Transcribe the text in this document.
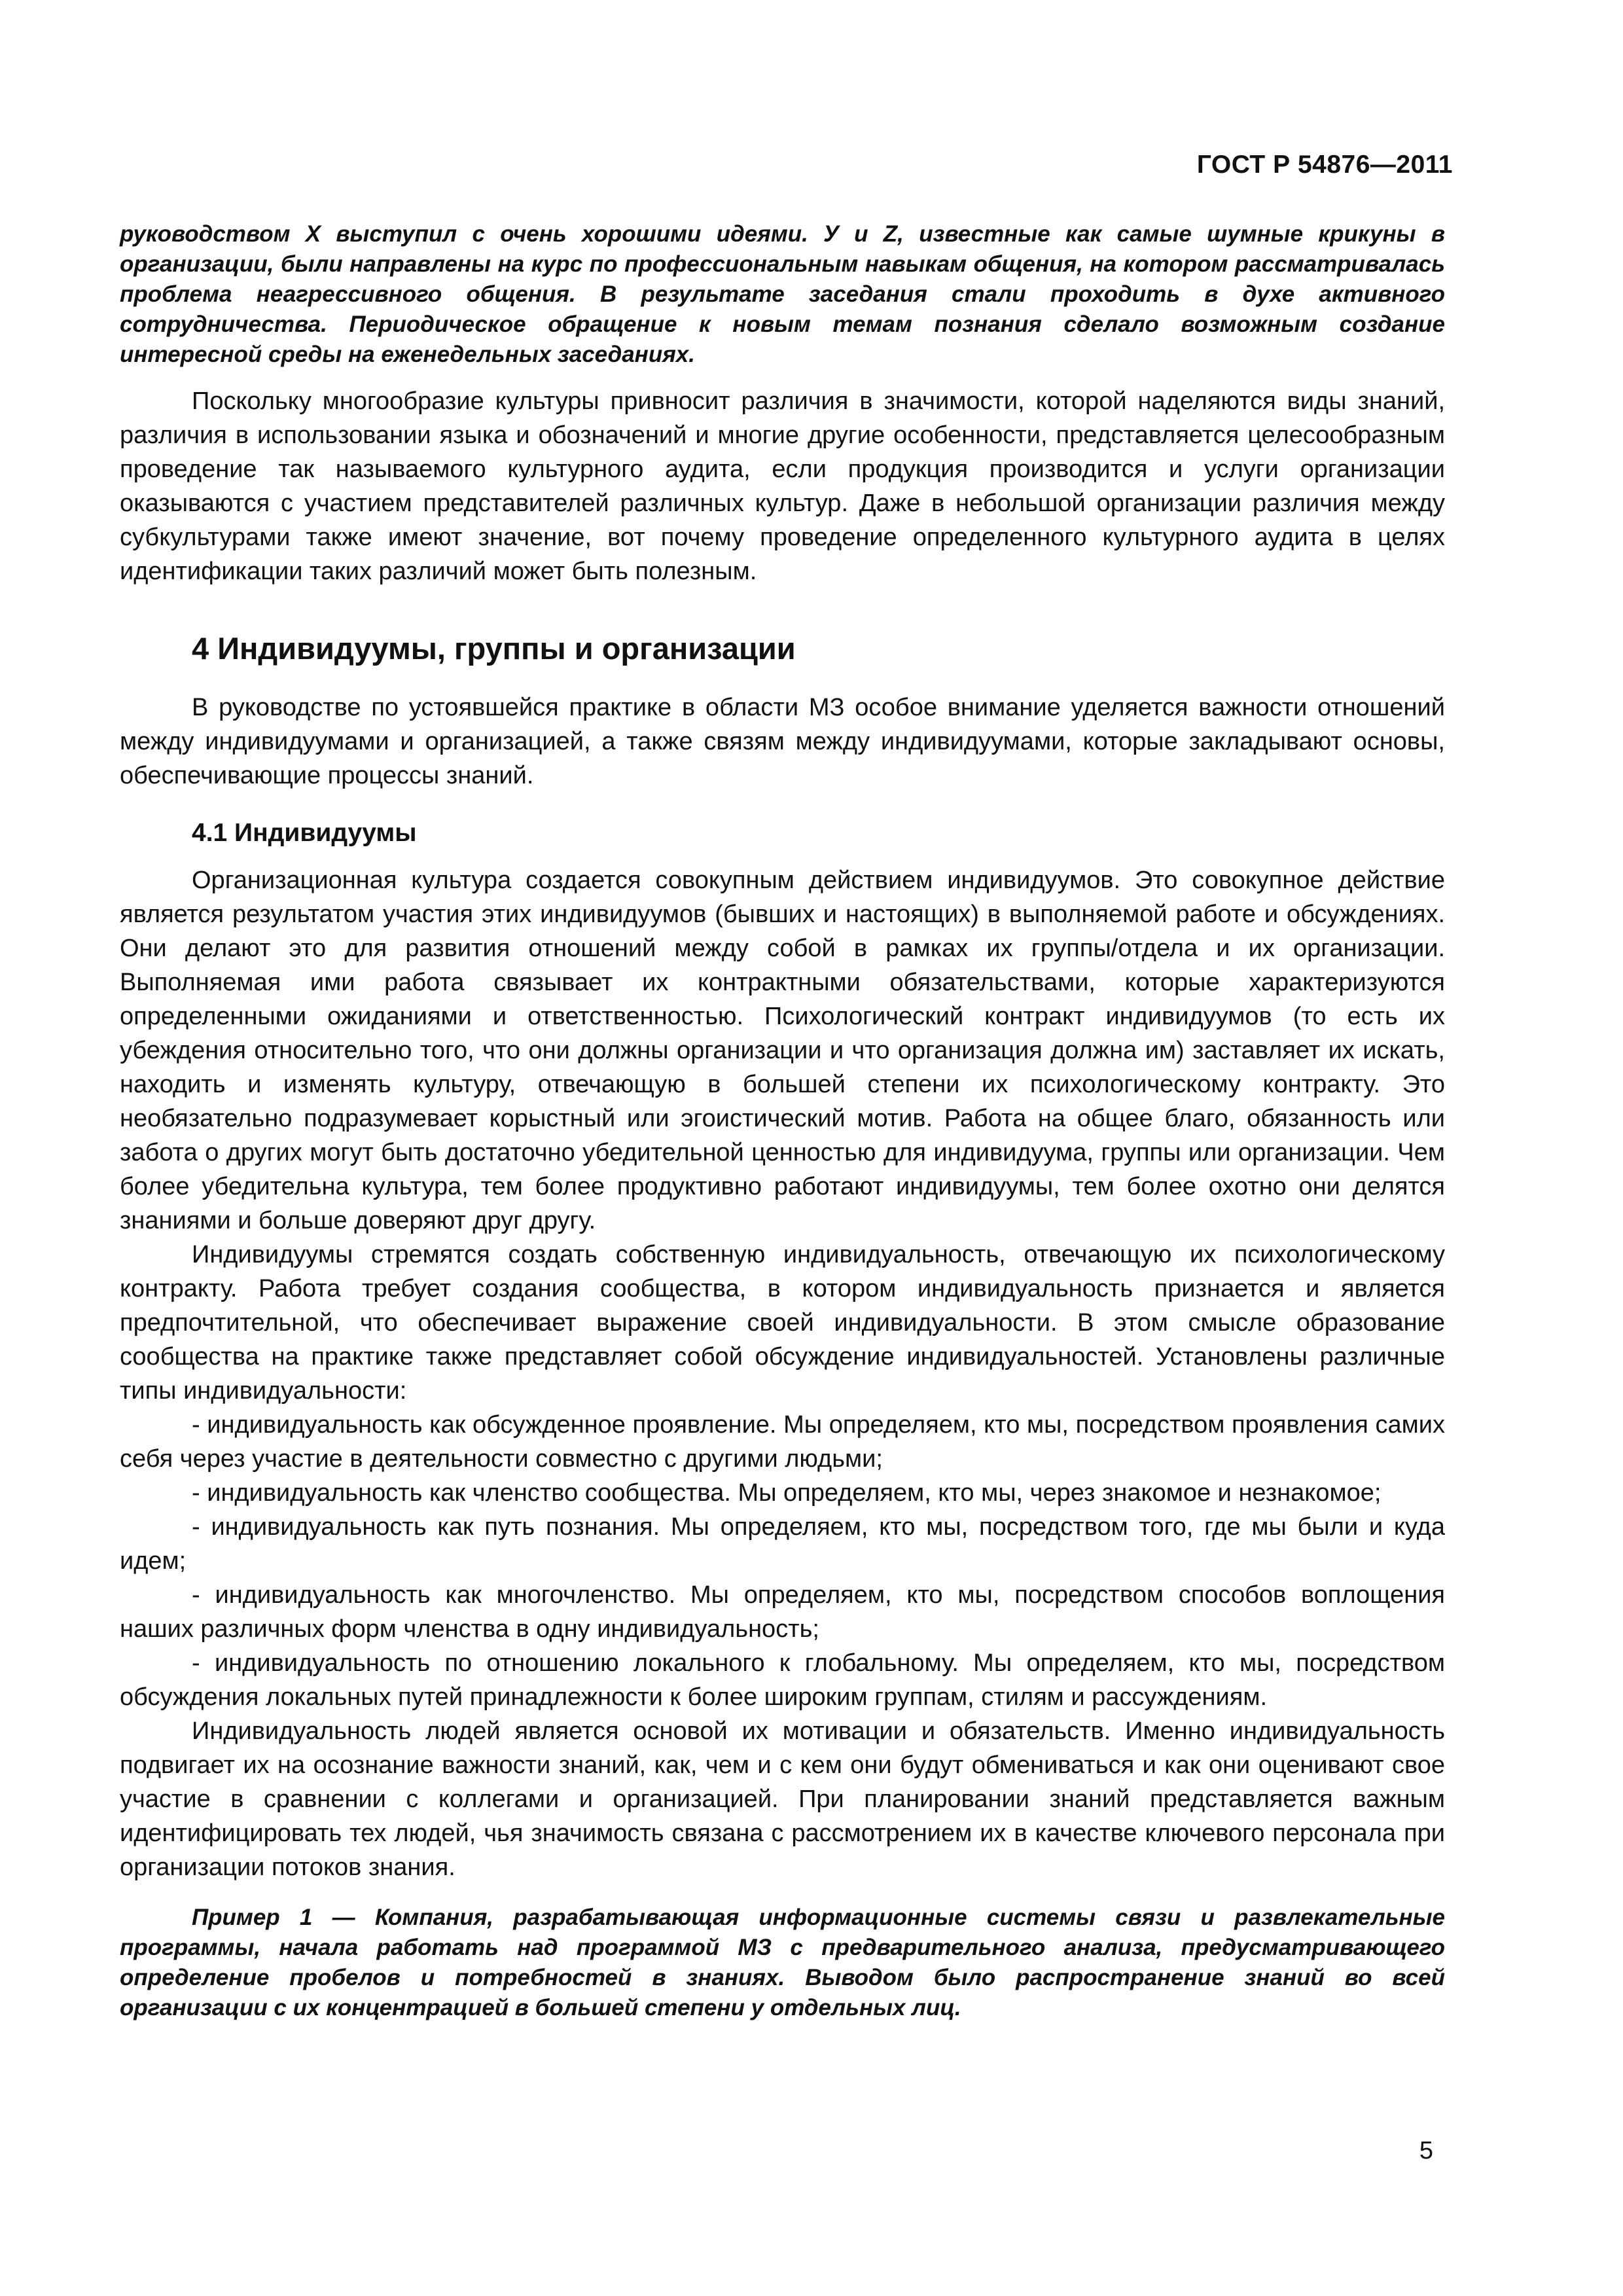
ГОСТ Р 54876—2011

руководством X выступил с очень хорошими идеями. У и Z, известные как самые шумные крикуны в организации, были направлены на курс по профессиональным навыкам общения, на котором рассматривалась проблема неагрессивного общения. В результате заседания стали проходить в духе активного сотрудничества. Периодическое обращение к новым темам познания сделало возможным создание интересной среды на еженедельных заседаниях.

Поскольку многообразие культуры привносит различия в значимости, которой наделяются виды знаний, различия в использовании языка и обозначений и многие другие особенности, представляется целесообразным проведение так называемого культурного аудита, если продукция производится и услуги организации оказываются с участием представителей различных культур. Даже в небольшой организации различия между субкультурами также имеют значение, вот почему проведение определенного культурного аудита в целях идентификации таких различий может быть полезным.

4 Индивидуумы, группы и организации

В руководстве по устоявшейся практике в области МЗ особое внимание уделяется важности отношений между индивидуумами и организацией, а также связям между индивидуумами, которые закладывают основы, обеспечивающие процессы знаний.

4.1 Индивидуумы

Организационная культура создается совокупным действием индивидуумов. Это совокупное действие является результатом участия этих индивидуумов (бывших и настоящих) в выполняемой работе и обсуждениях. Они делают это для развития отношений между собой в рамках их группы/отдела и их организации. Выполняемая ими работа связывает их контрактными обязательствами, которые характеризуются определенными ожиданиями и ответственностью. Психологический контракт индивидуумов (то есть их убеждения относительно того, что они должны организации и что организация должна им) заставляет их искать, находить и изменять культуру, отвечающую в большей степени их психологическому контракту. Это необязательно подразумевает корыстный или эгоистический мотив. Работа на общее благо, обязанность или забота о других могут быть достаточно убедительной ценностью для индивидуума, группы или организации. Чем более убедительна культура, тем более продуктивно работают индивидуумы, тем более охотно они делятся знаниями и больше доверяют друг другу.

Индивидуумы стремятся создать собственную индивидуальность, отвечающую их психологическому контракту. Работа требует создания сообщества, в котором индивидуальность признается и является предпочтительной, что обеспечивает выражение своей индивидуальности. В этом смысле образование сообщества на практике также представляет собой обсуждение индивидуальностей. Установлены различные типы индивидуальности:

- индивидуальность как обсужденное проявление. Мы определяем, кто мы, посредством проявления самих себя через участие в деятельности совместно с другими людьми;
- индивидуальность как членство сообщества. Мы определяем, кто мы, через знакомое и незнакомое;
- индивидуальность как путь познания. Мы определяем, кто мы, посредством того, где мы были и куда идем;
- индивидуальность как многочленство. Мы определяем, кто мы, посредством способов воплощения наших различных форм членства в одну индивидуальность;
- индивидуальность по отношению локального к глобальному. Мы определяем, кто мы, посредством обсуждения локальных путей принадлежности к более широким группам, стилям и рассуждениям.

Индивидуальность людей является основой их мотивации и обязательств. Именно индивидуальность подвигает их на осознание важности знаний, как, чем и с кем они будут обмениваться и как они оценивают свое участие в сравнении с коллегами и организацией. При планировании знаний представляется важным идентифицировать тех людей, чья значимость связана с рассмотрением их в качестве ключевого персонала при организации потоков знания.

Пример 1 — Компания, разрабатывающая информационные системы связи и развлекательные программы, начала работать над программой МЗ с предварительного анализа, предусматривающего определение пробелов и потребностей в знаниях. Выводом было распространение знаний во всей организации с их концентрацией в большей степени у отдельных лиц.

5
